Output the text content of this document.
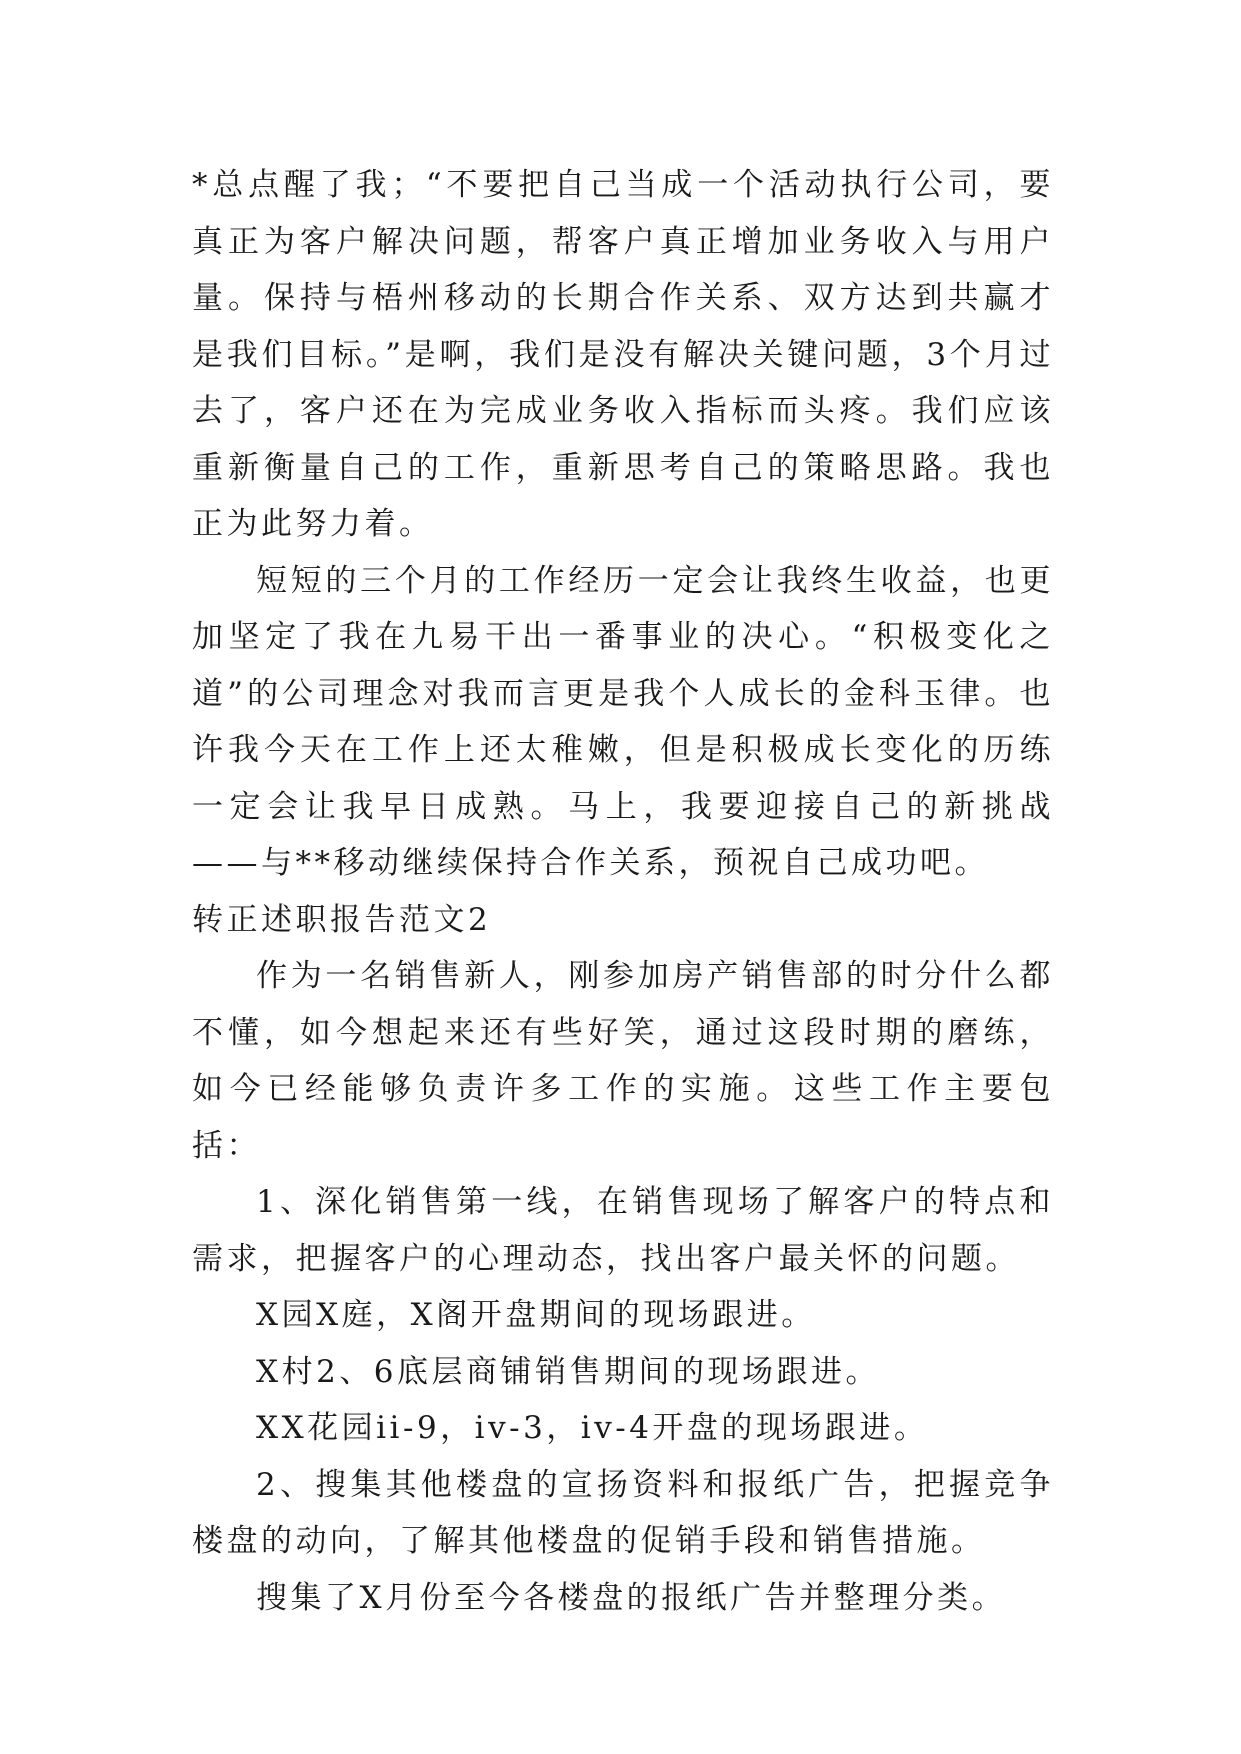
*总点醒了我；“不要把自己当成一个活动执行公司，要真正为客户解决问题，帮客户真正增加业务收入与用户量。保持与梧州移动的长期合作关系、双方达到共赢才是我们目标。”是啊，我们是没有解决关键问题，3个月过去了，客户还在为完成业务收入指标而头疼。我们应该重新衡量自己的工作，重新思考自己的策略思路。我也正为此努力着。

短短的三个月的工作经历一定会让我终生收益，也更加坚定了我在九易干出一番事业的决心。“积极变化之道”的公司理念对我而言更是我个人成长的金科玉律。也许我今天在工作上还太稚嫩，但是积极成长变化的历练一定会让我早日成熟。马上，我要迎接自己的新挑战——与**移动继续保持合作关系，预祝自己成功吧。

转正述职报告范文2

作为一名销售新人，刚参加房产销售部的时分什么都不懂，如今想起来还有些好笑，通过这段时期的磨练，如今已经能够负责许多工作的实施。这些工作主要包括：

1、深化销售第一线，在销售现场了解客户的特点和需求，把握客户的心理动态，找出客户最关怀的问题。

X园X庭，X阁开盘期间的现场跟进。

X村2、6底层商铺销售期间的现场跟进。

XX花园ii-9，iv-3，iv-4开盘的现场跟进。

2、搜集其他楼盘的宣扬资料和报纸广告，把握竞争楼盘的动向，了解其他楼盘的促销手段和销售措施。

搜集了X月份至今各楼盘的报纸广告并整理分类。
